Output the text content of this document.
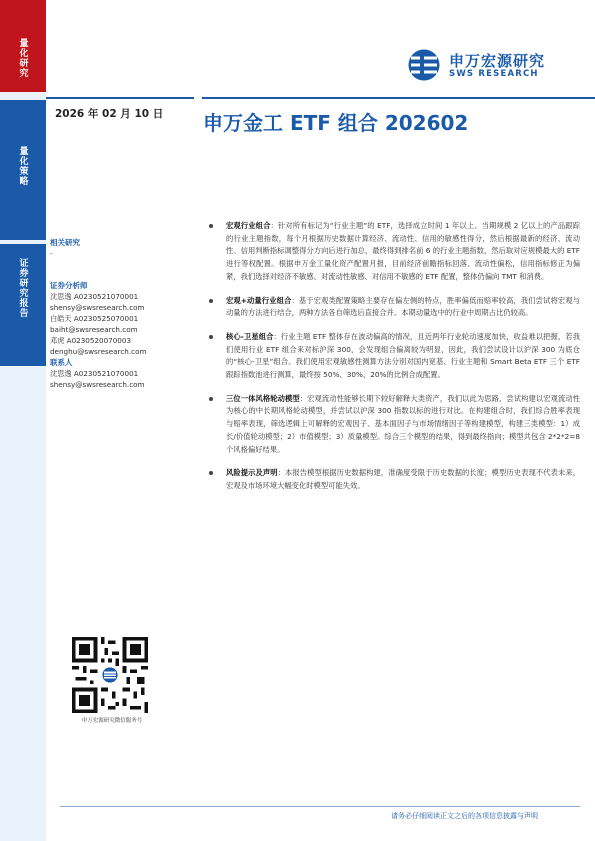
量化研究
量化策略
证券研究报告
申万宏源研究
SWS RESEARCH
2026 年 02 月 10 日 申万金工 ETF 组合 202602
相关研究
-
证券分析师
沈思逸 A0230521070001
shensy@swsresearch.com
白皓天 A0230525070001
baiht@swsresearch.com
邓虎 A0230520070003
denghu@swsresearch.com
联系人
沈思逸 A0230521070001
shensy@swsresearch.com
宏观行业组合：针对所有标记为“行业主题”的 ETF，选择成立时间 1 年以上、当期规模 2 亿以上的产品跟踪的行业主题指数，每个月根据历史数据计算经济、流动性、信用的敏感性得分，然后根据最新的经济、流动性、信用判断指标调整得分方向后进行加总，最终得到排名前 6 的行业主题指数，然后取对应规模最大的 ETF 进行等权配置。根据申万金工量化资产配置月报，目前经济前瞻指标回落、流动性偏松，信用指标修正为偏紧，我们选择对经济不敏感、对流动性敏感、对信用不敏感的 ETF 配置，整体仍偏向 TMT 和消费。
宏观+动量行业组合：基于宏观类配置策略主要存在偏左侧的特点，胜率偏低而赔率较高，我们尝试将宏观与动量的方法进行结合，两种方法各自筛选后直接合并。本期动量选中的行业中周期占比仍较高。
核心-卫星组合：行业主题 ETF 整体存在波动偏高的情况，且近两年行业轮动速度加快，收益难以把握，若我们使用行业 ETF 组合来对标沪深 300，会发现组合偏离较为明显，因此，我们尝试设计以沪深 300 为底仓的“核心-卫星”组合。我们使用宏观敏感性测算方法分别对国内宽基、行业主题和 Smart Beta ETF 三个 ETF 跟踪指数池进行测算，最终按 50%、30%、20%的比例合成配置。
三位一体风格轮动模型：宏观流动性能够长期下较好解释大类资产，我们以此为思路，尝试构建以宏观流动性为核心的中长期风格轮动模型，并尝试以沪深 300 指数以标的进行对比。在构建组合时，我们综合胜率表现与赔率表现，筛选逻辑上可解释的宏观因子、基本面因子与市场情绪因子等构建模型，构建三类模型：1）成长/价值轮动模型；2）市值模型；3）质量模型。综合三个模型的结果，得到最终指向；模型共包含 2*2*2=8 个风格偏好结果。
风险提示及声明：本报告模型根据历史数据构建，准确度受限于历史数据的长度；模型历史表现不代表未来，宏观及市场环境大幅变化时模型可能失效。
申万宏源研究微信服务号
请务必仔细阅读正文之后的各项信息披露与声明
